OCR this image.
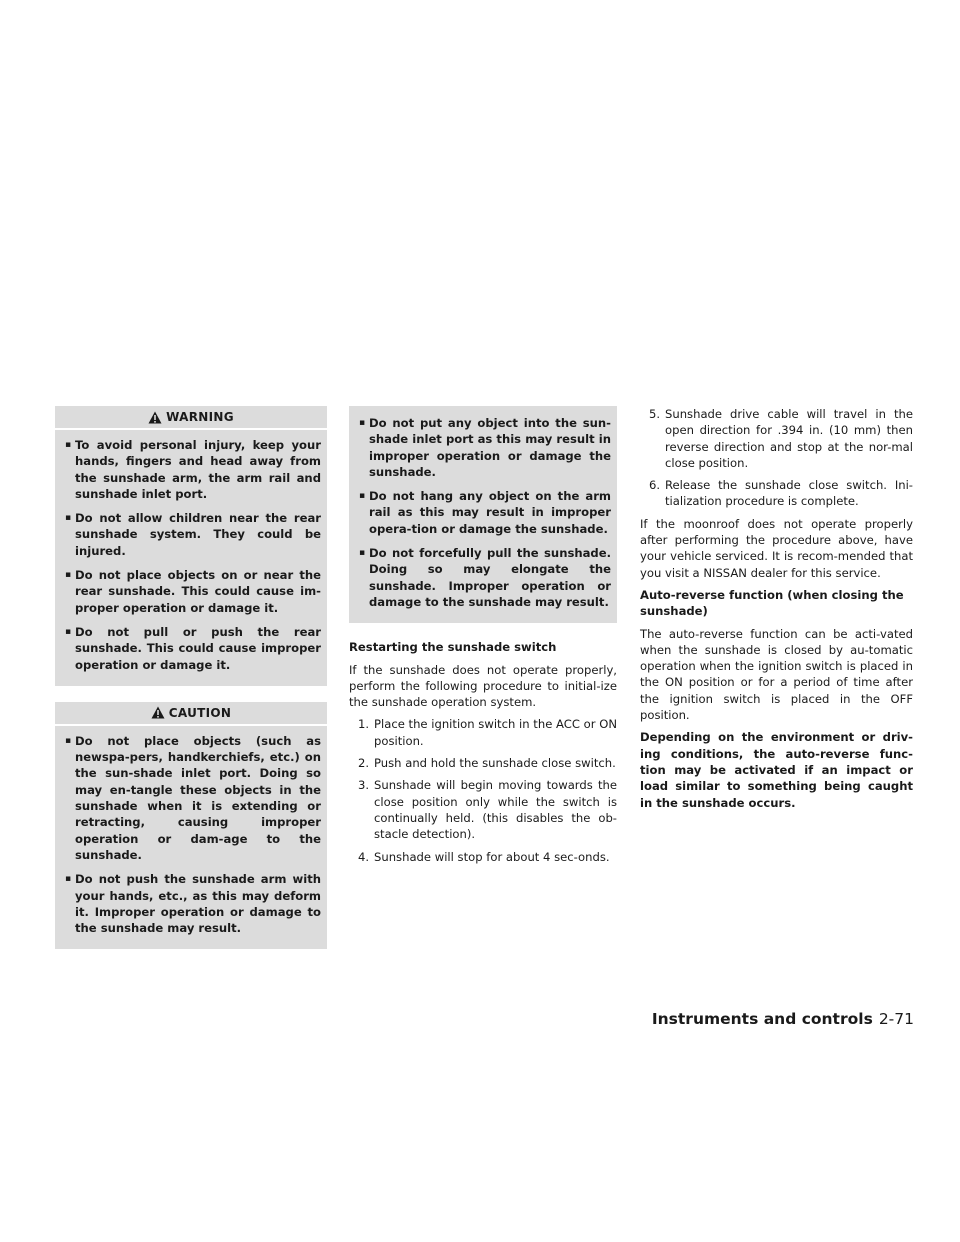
WARNING
▪ To avoid personal injury, keep your hands, fingers and head away from the sunshade arm, the arm rail and sunshade inlet port.
▪ Do not allow children near the rear sunshade system. They could be injured.
▪ Do not place objects on or near the rear sunshade. This could cause im-proper operation or damage it.
▪ Do not pull or push the rear sunshade. This could cause improper operation or damage it.
CAUTION
▪ Do not place objects (such as newspa-pers, handkerchiefs, etc.) on the sun-shade inlet port. Doing so may en-tangle these objects in the sunshade when it is extending or retracting, causing improper operation or dam-age to the sunshade.
▪ Do not push the sunshade arm with your hands, etc., as this may deform it. Improper operation or damage to the sunshade may result.
▪ Do not put any object into the sun-shade inlet port as this may result in improper operation or damage the sunshade.
▪ Do not hang any object on the arm rail as this may result in improper opera-tion or damage the sunshade.
▪ Do not forcefully pull the sunshade. Doing so may elongate the sunshade. Improper operation or damage to the sunshade may result.
Restarting the sunshade switch

If the sunshade does not operate properly, perform the following procedure to initial-ize the sunshade operation system.

1. Place the ignition switch in the ACC or ON position.
2. Push and hold the sunshade close switch.
3. Sunshade will begin moving towards the close position only while the switch is continually held. (this disables the ob-stacle detection).
4. Sunshade will stop for about 4 sec-onds.
5. Sunshade drive cable will travel in the open direction for .394 in. (10 mm) then reverse direction and stop at the nor-mal close position.
6. Release the sunshade close switch. Ini-tialization procedure is complete.

If the moonroof does not operate properly after performing the procedure above, have your vehicle serviced. It is recom-mended that you visit a NISSAN dealer for this service.

Auto-reverse function (when closing the sunshade)

The auto-reverse function can be acti-vated when the sunshade is closed by au-tomatic operation when the ignition switch is placed in the ON position or for a period of time after the ignition switch is placed in the OFF position.

Depending on the environment or driv-ing conditions, the auto-reverse func-tion may be activated if an impact or load similar to something being caught in the sunshade occurs.

Instruments and controls 2-71
